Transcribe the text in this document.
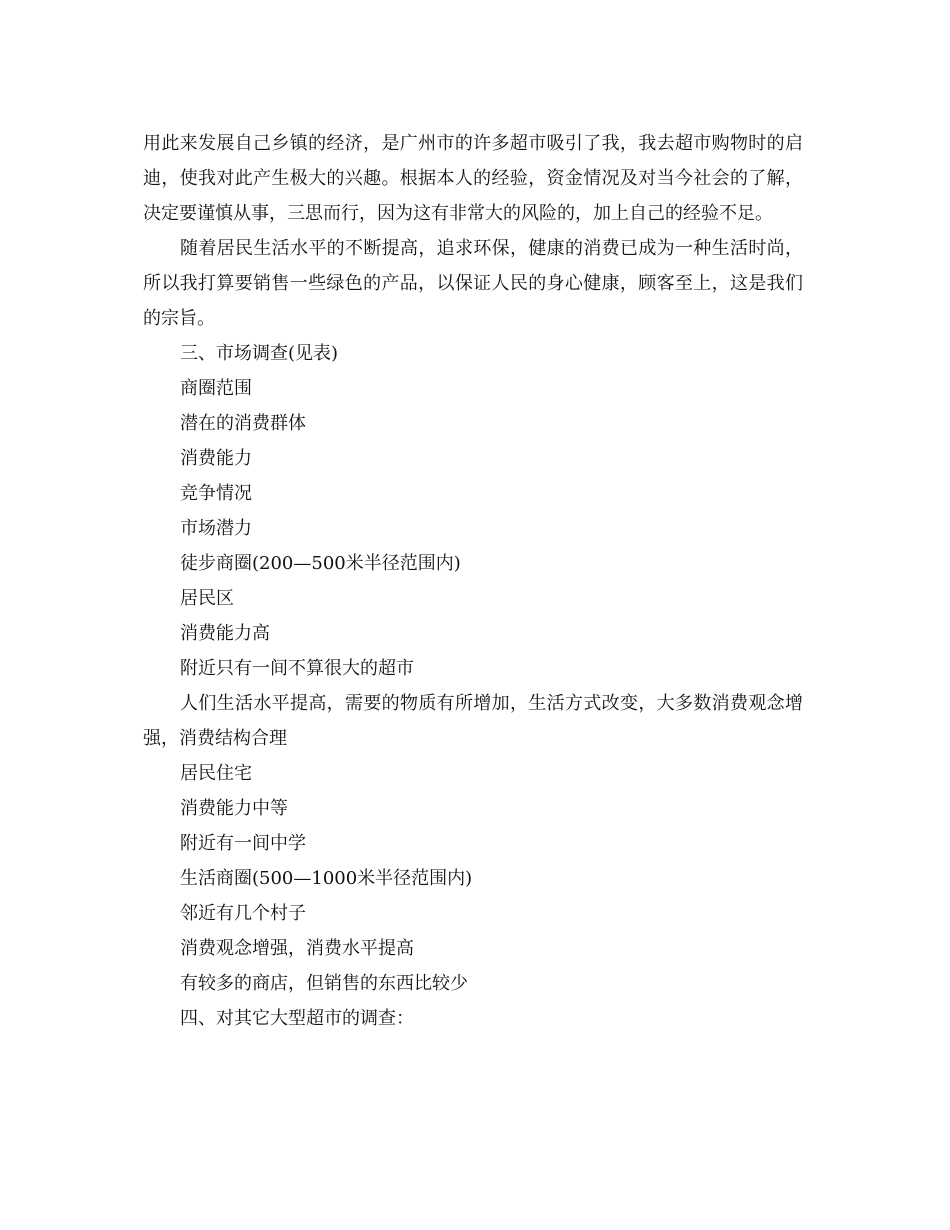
用此来发展自己乡镇的经济，是广州市的许多超市吸引了我，我去超市购物时的启迪，使我对此产生极大的兴趣。根据本人的经验，资金情况及对当今社会的了解，决定要谨慎从事，三思而行，因为这有非常大的风险的，加上自己的经验不足。

随着居民生活水平的不断提高，追求环保，健康的消费已成为一种生活时尚，所以我打算要销售一些绿色的产品，以保证人民的身心健康，顾客至上，这是我们的宗旨。

三、市场调查(见表)

商圈范围

潜在的消费群体

消费能力

竞争情况

市场潜力

徒步商圈(200—500米半径范围内)

居民区

消费能力高

附近只有一间不算很大的超市

人们生活水平提高，需要的物质有所增加，生活方式改变，大多数消费观念增强，消费结构合理

居民住宅

消费能力中等

附近有一间中学

生活商圈(500—1000米半径范围内)

邻近有几个村子

消费观念增强，消费水平提高

有较多的商店，但销售的东西比较少

四、对其它大型超市的调查：
